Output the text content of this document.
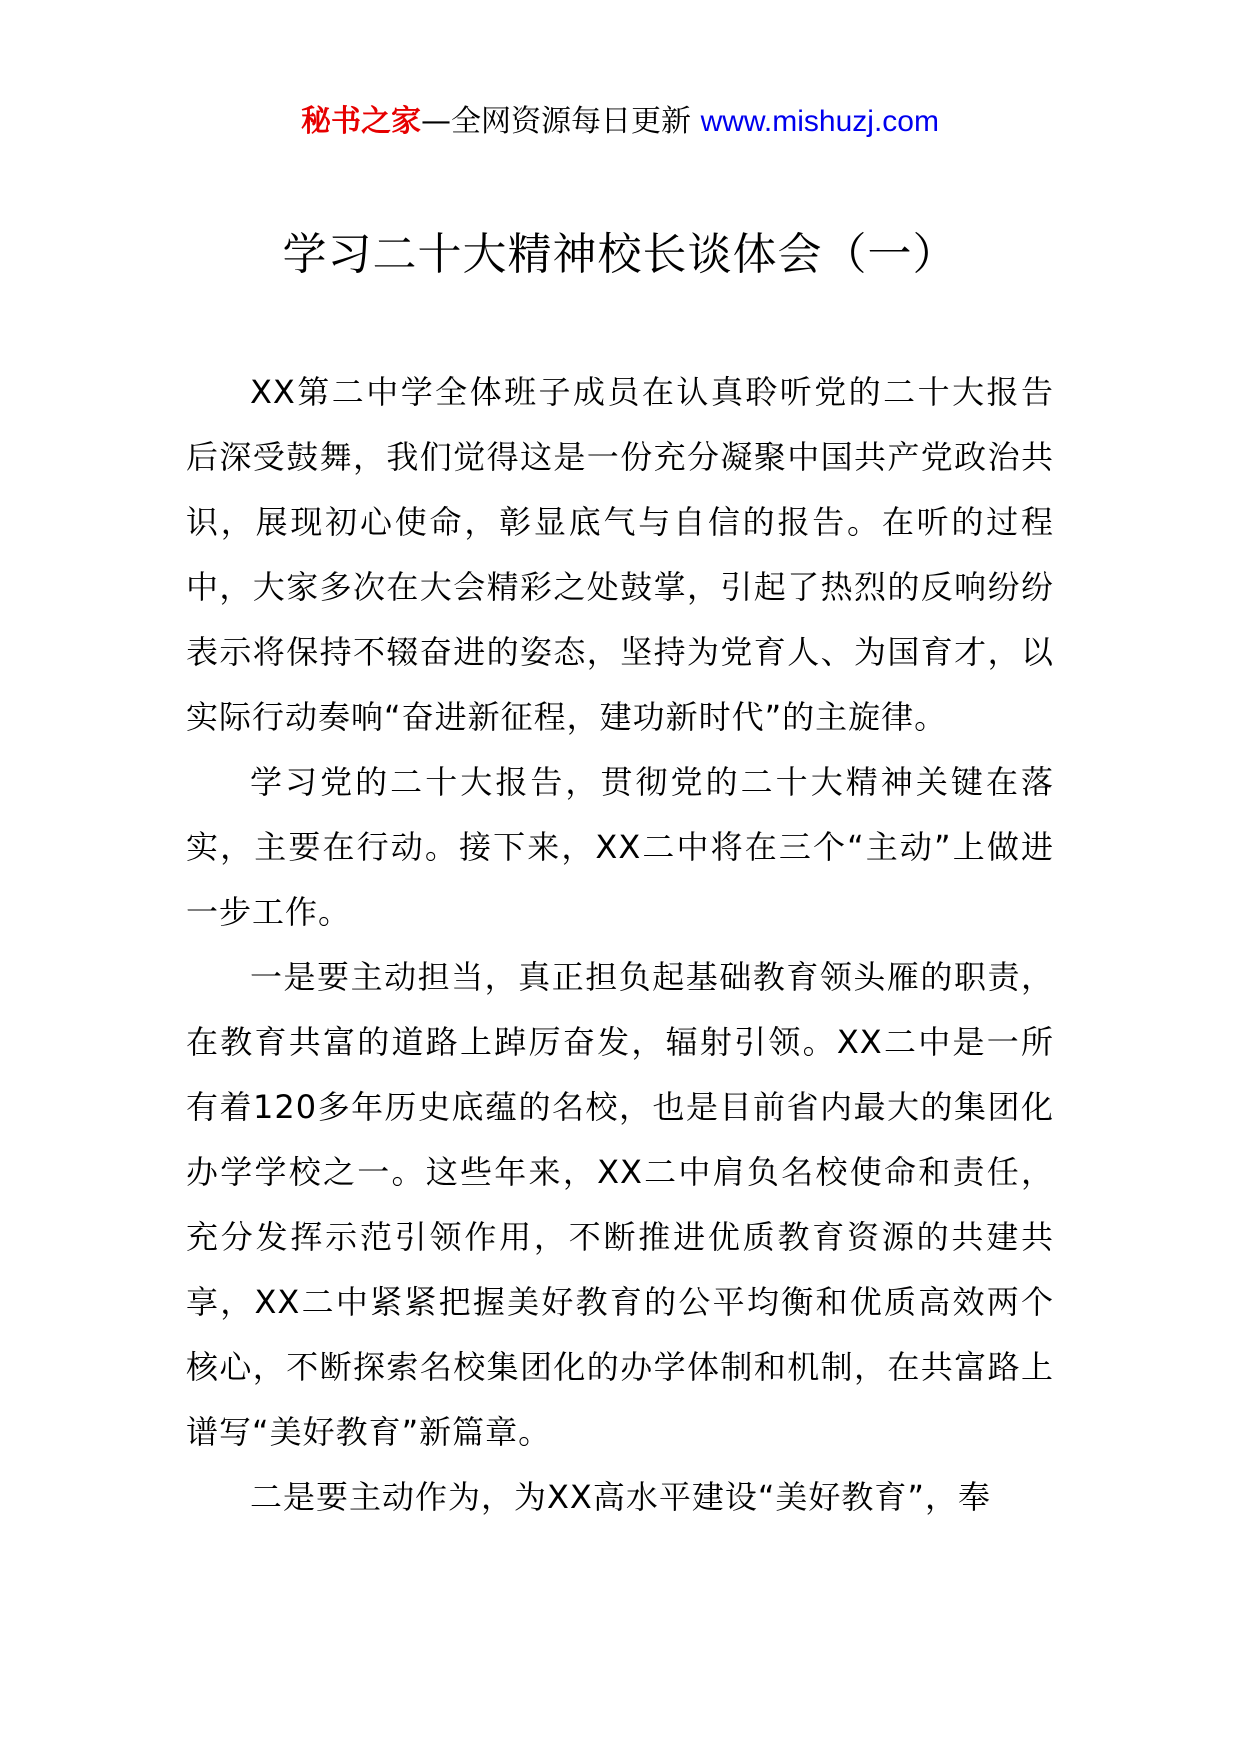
秘书之家—全网资源每日更新 www.mishuzj.com
学习二十大精神校长谈体会（一）

XX第二中学全体班子成员在认真聆听党的二十大报告后深受鼓舞，我们觉得这是一份充分凝聚中国共产党政治共识，展现初心使命，彰显底气与自信的报告。在听的过程中，大家多次在大会精彩之处鼓掌，引起了热烈的反响纷纷表示将保持不辍奋进的姿态，坚持为党育人、为国育才，以实际行动奏响“奋进新征程，建功新时代”的主旋律。

学习党的二十大报告，贯彻党的二十大精神关键在落实，主要在行动。接下来，XX二中将在三个“主动”上做进一步工作。

一是要主动担当，真正担负起基础教育领头雁的职责，在教育共富的道路上踔厉奋发，辐射引领。XX二中是一所有着120多年历史底蕴的名校，也是目前省内最大的集团化办学学校之一。这些年来，XX二中肩负名校使命和责任，充分发挥示范引领作用，不断推进优质教育资源的共建共享，XX二中紧紧把握美好教育的公平均衡和优质高效两个核心，不断探索名校集团化的办学体制和机制，在共富路上谱写“美好教育”新篇章。

二是要主动作为，为XX高水平建设“美好教育”，奉
